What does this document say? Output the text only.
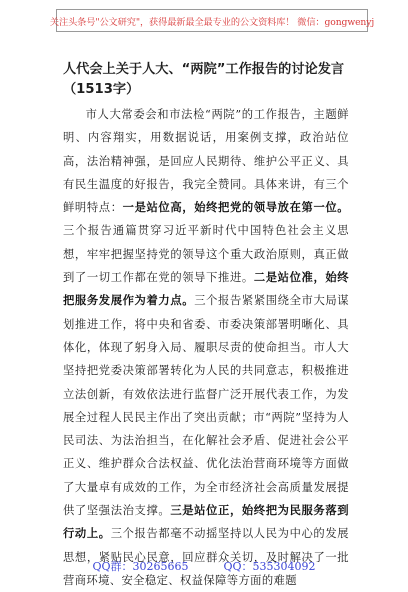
关注头条号"公文研究"，获得最新最全最专业的公文资料库！ 微信：gongwenyj
人代会上关于人大、“两院”工作报告的讨论发言（1513字）

市人大常委会和市法检“两院”的工作报告，主题鲜明、内容翔实，用数据说话，用案例支撑，政治站位高，法治精神强，是回应人民期待、维护公平正义、具有民生温度的好报告，我完全赞同。具体来讲，有三个鲜明特点：一是站位高，始终把党的领导放在第一位。三个报告通篇贯穿习近平新时代中国特色社会主义思想，牢牢把握坚持党的领导这个重大政治原则，真正做到了一切工作都在党的领导下推进。二是站位准，始终把服务发展作为着力点。三个报告紧紧围绕全市大局谋划推进工作，将中央和省委、市委决策部署明晰化、具体化，体现了躬身入局、履职尽责的使命担当。市人大坚持把党委决策部署转化为人民的共同意志，积极推进立法创新，有效依法进行监督广泛开展代表工作，为发展全过程人民民主作出了突出贡献；市“两院”坚持为人民司法、为法治担当，在化解社会矛盾、促进社会公平正义、维护群众合法权益、优化法治营商环境等方面做了大量卓有成效的工作，为全市经济社会高质量发展提供了坚强法治支撑。三是站位正，始终把为民服务落到行动上。三个报告都毫不动摇坚持以人民为中心的发展思想，紧贴民心民意，回应群众关切，及时解决了一批营商环境、安全稳定、权益保障等方面的难题

QQ群：30265665	QQ：535304092
